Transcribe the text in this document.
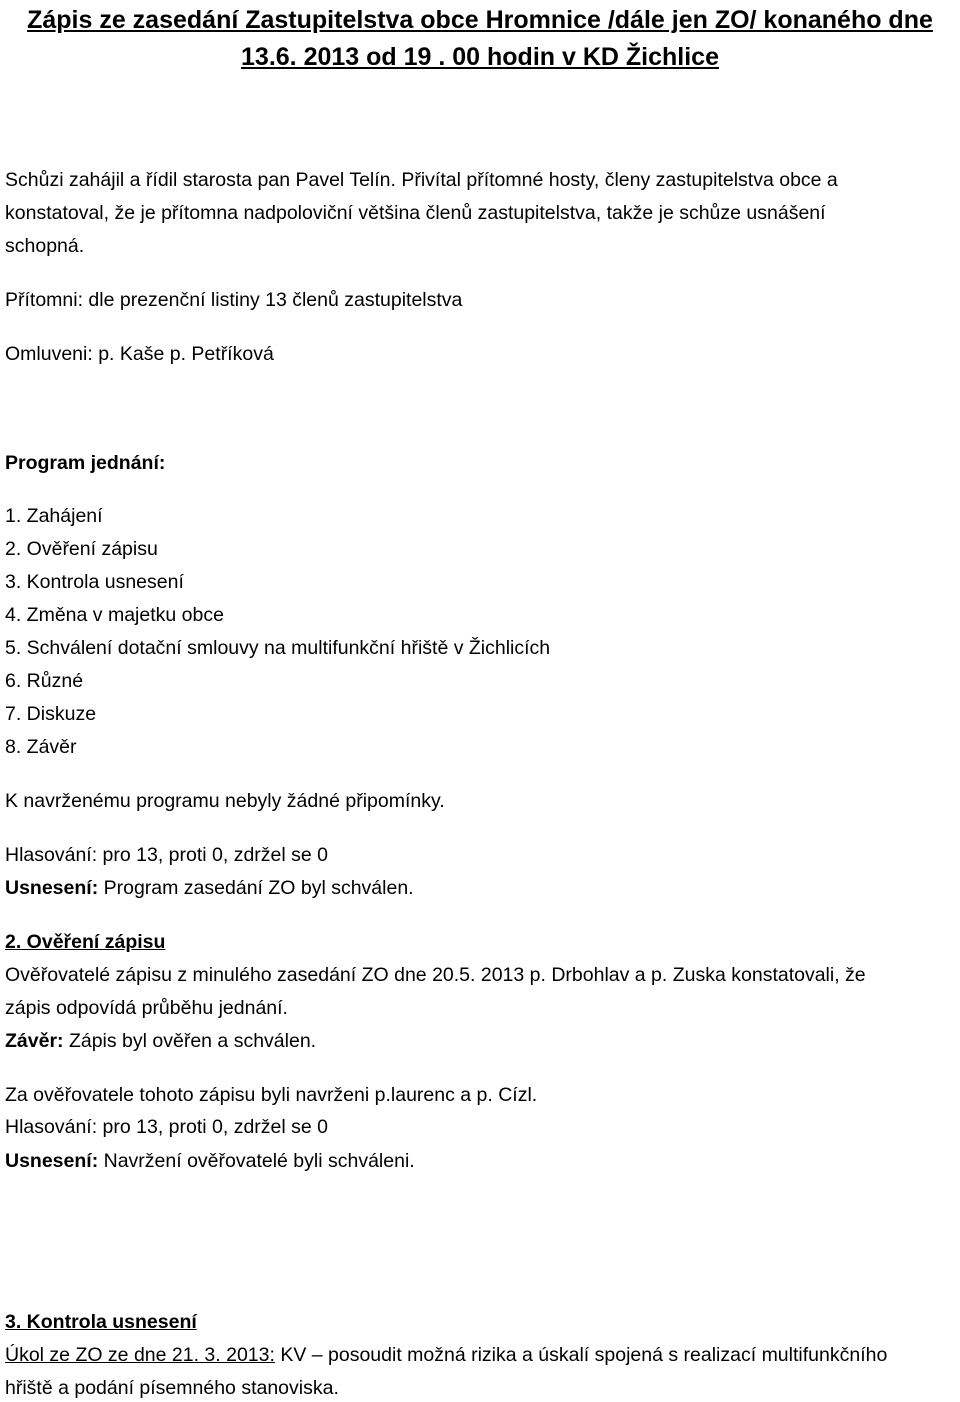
Zápis ze zasedání Zastupitelstva obce Hromnice /dále jen ZO/ konaného dne
13.6. 2013 od 19 . 00 hodin v KD Žichlice
Schůzi zahájil a řídil starosta pan Pavel Telín. Přivítal přítomné hosty, členy zastupitelstva obce a
konstatoval, že je přítomna nadpoloviční většina členů zastupitelstva, takže je schůze usnášení
schopná.
Přítomni: dle prezenční listiny 13 členů zastupitelstva
Omluveni: p. Kaše p. Petříková
Program jednání:
1. Zahájení
2. Ověření zápisu
3. Kontrola usnesení
4. Změna v majetku obce
5. Schválení dotační smlouvy na multifunkční hřiště v Žichlicích
6. Různé
7. Diskuze
8. Závěr
K navrženému programu nebyly žádné připomínky.
Hlasování: pro 13, proti 0, zdržel se 0
Usnesení: Program zasedání ZO byl schválen.
2. Ověření zápisu
Ověřovatelé zápisu z minulého zasedání ZO dne 20.5. 2013 p. Drbohlav a p. Zuska konstatovali, že
zápis odpovídá průběhu jednání.
Závěr: Zápis byl ověřen a schválen.
Za ověřovatele tohoto zápisu byli navrženi p.laurenc a p. Cízl.
Hlasování: pro 13, proti 0, zdržel se 0
Usnesení: Navržení ověřovatelé byli schváleni.
3. Kontrola usnesení
Úkol ze ZO ze dne 21. 3. 2013: KV – posoudit možná rizika a úskalí spojená s realizací multifunkčního
hřiště a podání písemného stanoviska.
